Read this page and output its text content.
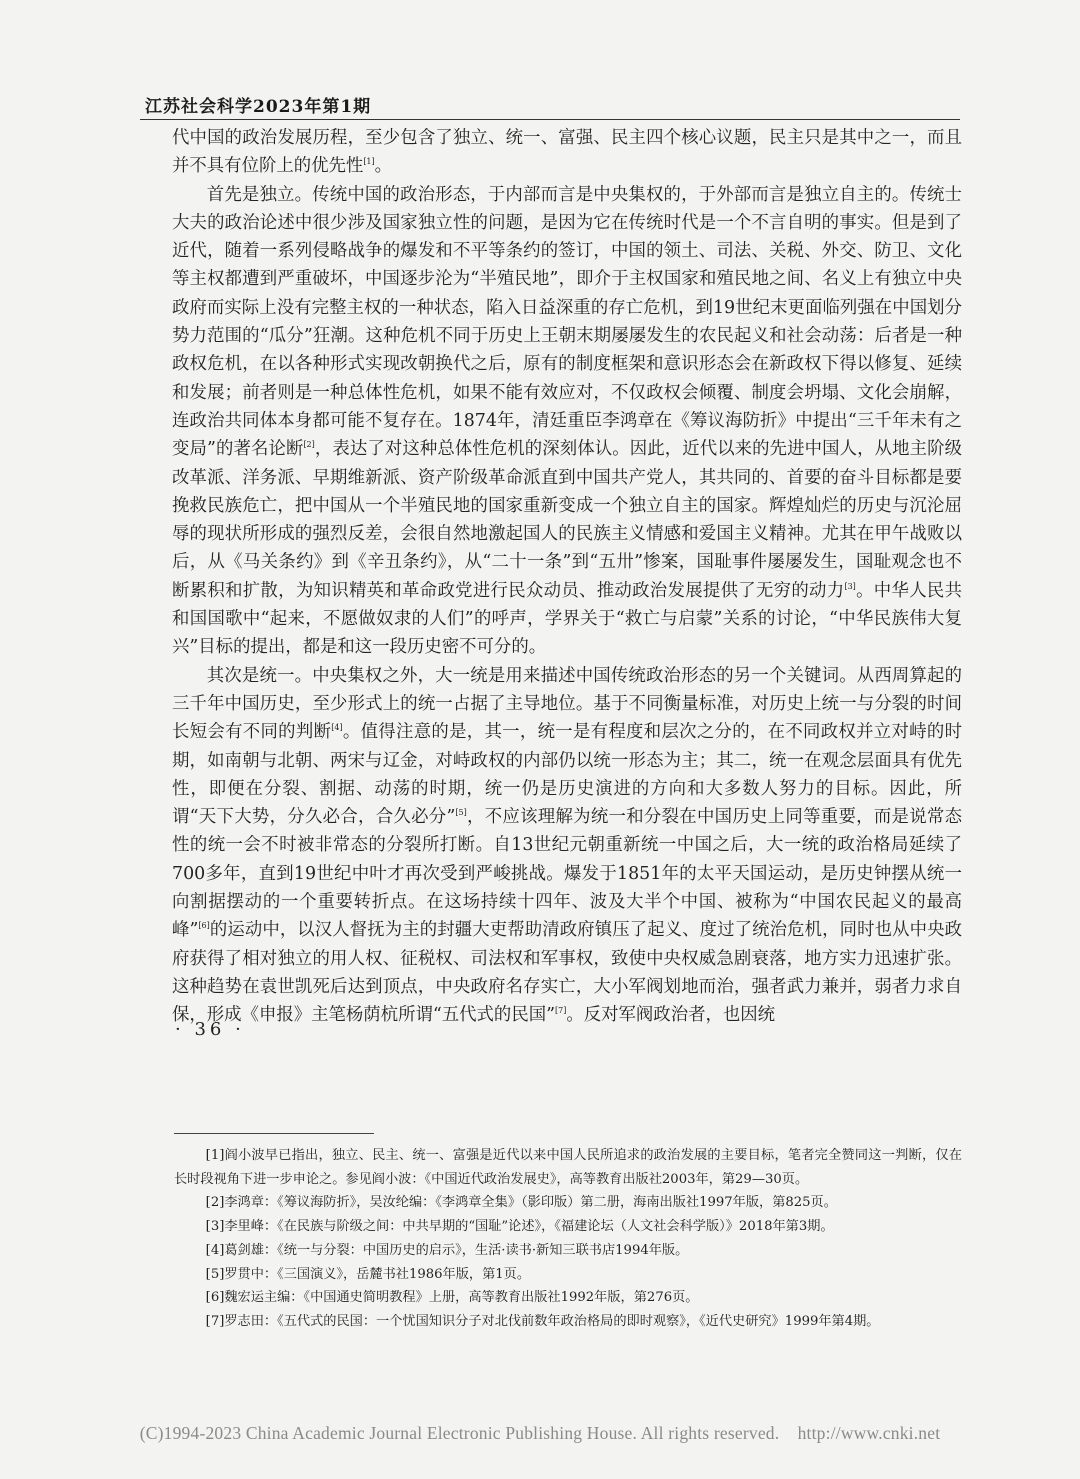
江苏社会科学2023年第1期

代中国的政治发展历程，至少包含了独立、统一、富强、民主四个核心议题，民主只是其中之一，而且并不具有位阶上的优先性[1]。

首先是独立。传统中国的政治形态，于内部而言是中央集权的，于外部而言是独立自主的。传统士大夫的政治论述中很少涉及国家独立性的问题，是因为它在传统时代是一个不言自明的事实。但是到了近代，随着一系列侵略战争的爆发和不平等条约的签订，中国的领土、司法、关税、外交、防卫、文化等主权都遭到严重破坏，中国逐步沦为“半殖民地”，即介于主权国家和殖民地之间、名义上有独立中央政府而实际上没有完整主权的一种状态，陷入日益深重的存亡危机，到19世纪末更面临列强在中国划分势力范围的“瓜分”狂潮。这种危机不同于历史上王朝末期屡屡发生的农民起义和社会动荡：后者是一种政权危机，在以各种形式实现改朝换代之后，原有的制度框架和意识形态会在新政权下得以修复、延续和发展；前者则是一种总体性危机，如果不能有效应对，不仅政权会倾覆、制度会坍塌、文化会崩解，连政治共同体本身都可能不复存在。1874年，清廷重臣李鸿章在《筹议海防折》中提出“三千年未有之变局”的著名论断[2]，表达了对这种总体性危机的深刻体认。因此，近代以来的先进中国人，从地主阶级改革派、洋务派、早期维新派、资产阶级革命派直到中国共产党人，其共同的、首要的奋斗目标都是要挽救民族危亡，把中国从一个半殖民地的国家重新变成一个独立自主的国家。辉煌灿烂的历史与沉沦屈辱的现状所形成的强烈反差，会很自然地激起国人的民族主义情感和爱国主义精神。尤其在甲午战败以后，从《马关条约》到《辛丑条约》，从“二十一条”到“五卅”惨案，国耻事件屡屡发生，国耻观念也不断累积和扩散，为知识精英和革命政党进行民众动员、推动政治发展提供了无穷的动力[3]。中华人民共和国国歌中“起来，不愿做奴隶的人们”的呼声，学界关于“救亡与启蒙”关系的讨论，“中华民族伟大复兴”目标的提出，都是和这一段历史密不可分的。

其次是统一。中央集权之外，大一统是用来描述中国传统政治形态的另一个关键词。从西周算起的三千年中国历史，至少形式上的统一占据了主导地位。基于不同衡量标准，对历史上统一与分裂的时间长短会有不同的判断[4]。值得注意的是，其一，统一是有程度和层次之分的，在不同政权并立对峙的时期，如南朝与北朝、两宋与辽金，对峙政权的内部仍以统一形态为主；其二，统一在观念层面具有优先性，即便在分裂、割据、动荡的时期，统一仍是历史演进的方向和大多数人努力的目标。因此，所谓“天下大势，分久必合，合久必分”[5]，不应该理解为统一和分裂在中国历史上同等重要，而是说常态性的统一会不时被非常态的分裂所打断。自13世纪元朝重新统一中国之后，大一统的政治格局延续了700多年，直到19世纪中叶才再次受到严峻挑战。爆发于1851年的太平天国运动，是历史钟摆从统一向割据摆动的一个重要转折点。在这场持续十四年、波及大半个中国、被称为“中国农民起义的最高峰”[6]的运动中，以汉人督抚为主的封疆大吏帮助清政府镇压了起义、度过了统治危机，同时也从中央政府获得了相对独立的用人权、征税权、司法权和军事权，致使中央权威急剧衰落，地方实力迅速扩张。这种趋势在袁世凯死后达到顶点，中央政府名存实亡，大小军阀划地而治，强者武力兼并，弱者力求自保，形成《申报》主笔杨荫杭所谓“五代式的民国”[7]。反对军阀政治者，也因统

[1]阎小波早已指出，独立、民主、统一、富强是近代以来中国人民所追求的政治发展的主要目标，笔者完全赞同这一判断，仅在长时段视角下进一步申论之。参见阎小波：《中国近代政治发展史》，高等教育出版社2003年，第29—30页。
[2]李鸿章：《筹议海防折》，吴汝纶编：《李鸿章全集》（影印版）第二册，海南出版社1997年版，第825页。
[3]李里峰：《在民族与阶级之间：中共早期的“国耻”论述》，《福建论坛（人文社会科学版）》2018年第3期。
[4]葛剑雄：《统一与分裂：中国历史的启示》，生活·读书·新知三联书店1994年版。
[5]罗贯中：《三国演义》，岳麓书社1986年版，第1页。
[6]魏宏运主编：《中国通史简明教程》上册，高等教育出版社1992年版，第276页。
[7]罗志田：《五代式的民国：一个忧国知识分子对北伐前数年政治格局的即时观察》，《近代史研究》1999年第4期。
· 36 ·
(C)1994-2023 China Academic Journal Electronic Publishing House. All rights reserved.    http://www.cnki.net
